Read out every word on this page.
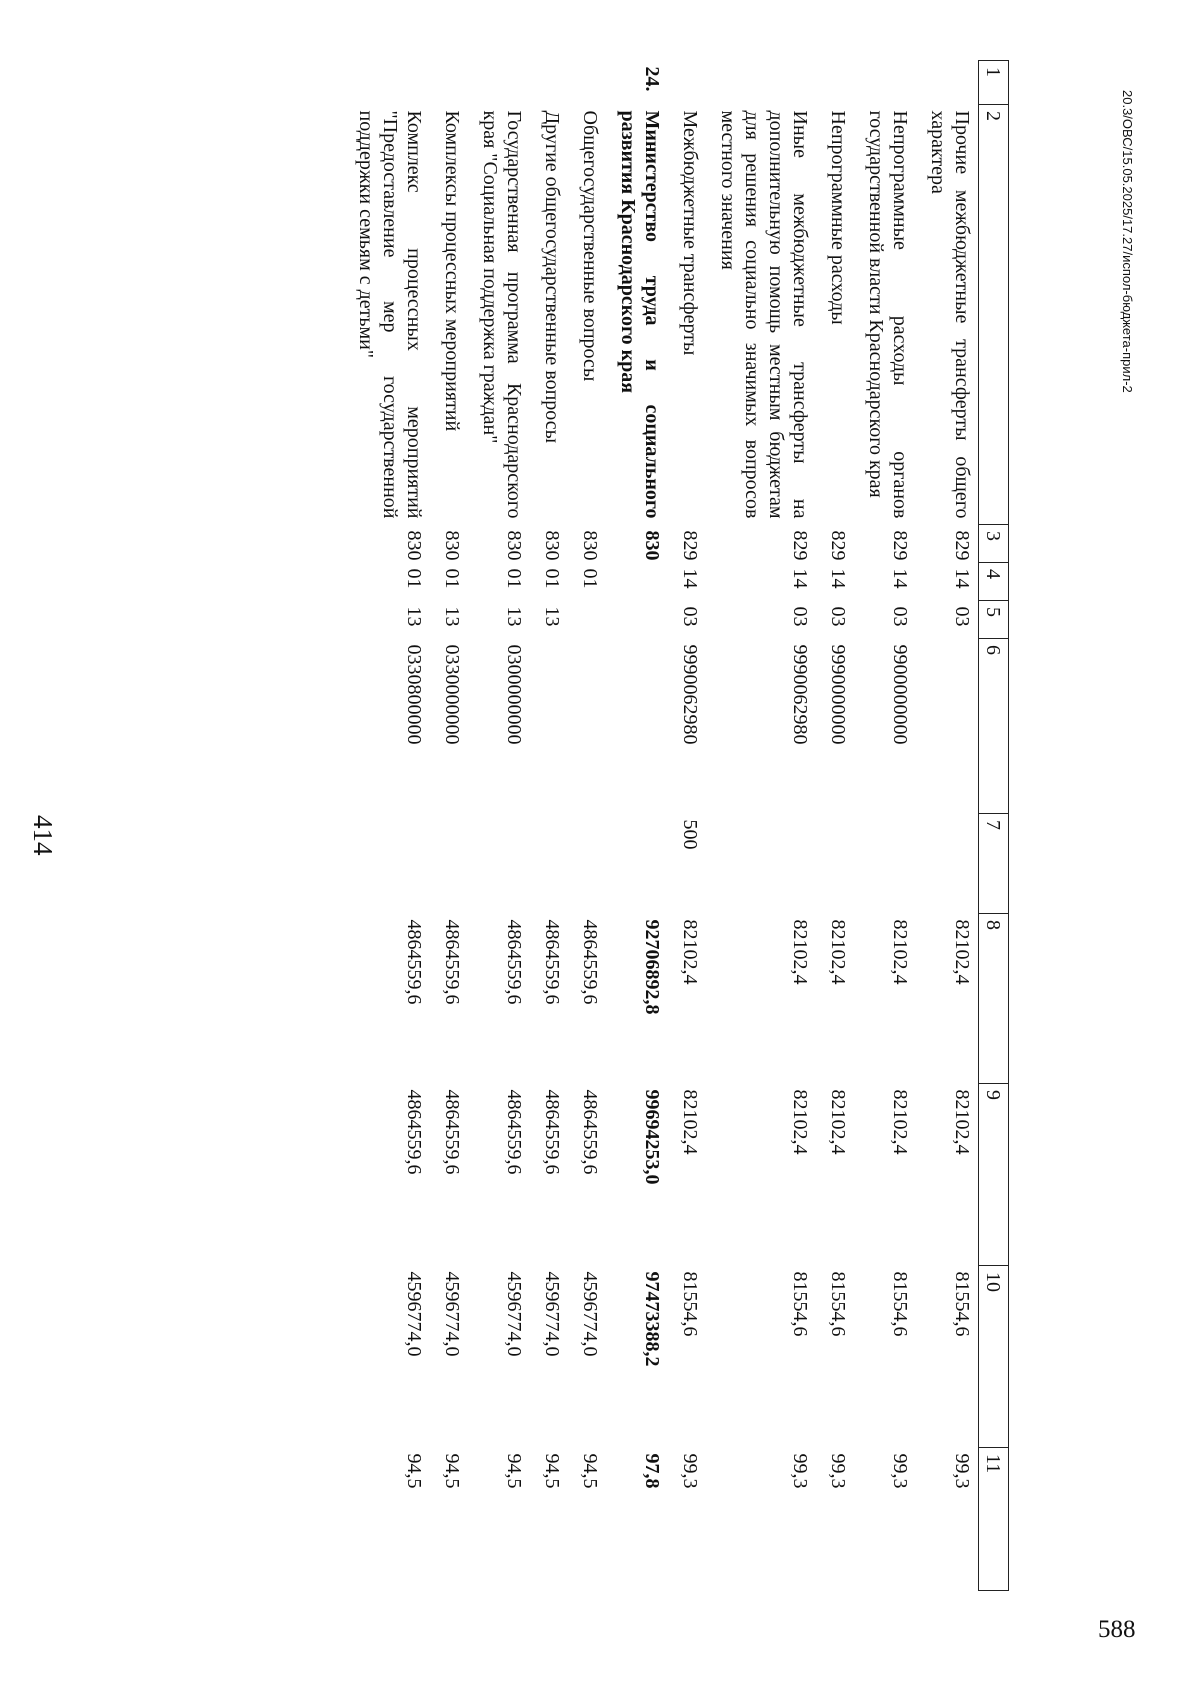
414
20.3/ОВС/15.05.2025/17.27/испол-бюджета-прил-2
588
1	2	3	4	5	6	7	8	9	10	11
	Прочие межбюджетные трансферты общего характера	829	14	03			82102,4	82102,4	81554,6	99,3
	Непрограммные расходы органов государственной власти Краснодарского края	829	14	03	9900000000		82102,4	82102,4	81554,6	99,3
	Непрограммные расходы	829	14	03	9990000000		82102,4	82102,4	81554,6	99,3
	Иные межбюджетные трансферты на дополнительную помощь местным бюджетам для решения социально значимых вопросов местного значения	829	14	03	9990062980		82102,4	82102,4	81554,6	99,3
	Межбюджетные трансферты	829	14	03	9990062980	500	82102,4	82102,4	81554,6	99,3
24.	Министерство труда и социального развития Краснодарского края	830					92706892,8	99694253,0	97473388,2	97,8
	Общегосударственные вопросы	830	01				4864559,6	4864559,6	4596774,0	94,5
	Другие общегосударственные вопросы	830	01	13			4864559,6	4864559,6	4596774,0	94,5
	Государственная программа Краснодарского края "Социальная поддержка граждан"	830	01	13	0300000000		4864559,6	4864559,6	4596774,0	94,5
	Комплексы процессных мероприятий	830	01	13	0330000000		4864559,6	4864559,6	4596774,0	94,5
	Комплекс процессных мероприятий "Предоставление мер государственной поддержки семьям с детьми"	830	01	13	0330800000		4864559,6	4864559,6	4596774,0	94,5
